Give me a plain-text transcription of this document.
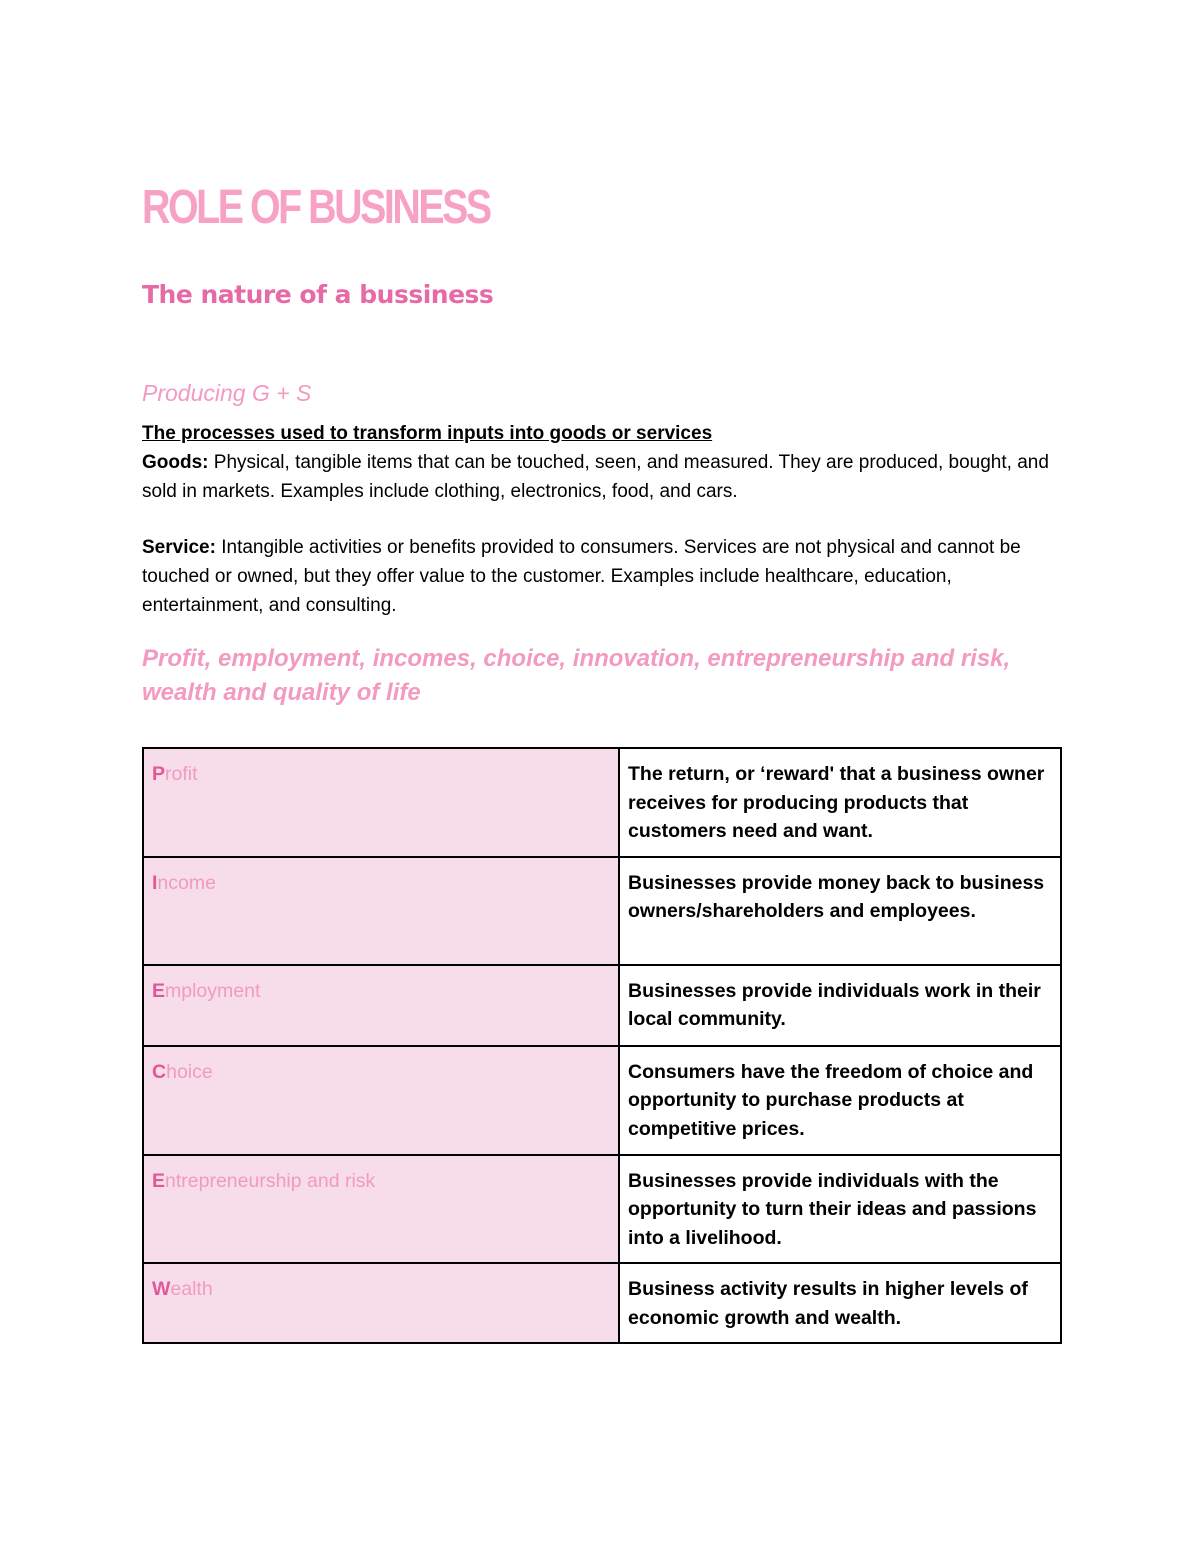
ROLE OF BUSINESS
The nature of a bussiness
Producing G + S

The processes used to transform inputs into goods or services

Goods: Physical, tangible items that can be touched, seen, and measured. They are produced, bought, and sold in markets. Examples include clothing, electronics, food, and cars.

Service: Intangible activities or benefits provided to consumers. Services are not physical and cannot be touched or owned, but they offer value to the customer. Examples include healthcare, education, entertainment, and consulting.

Profit, employment, incomes, choice, innovation, entrepreneurship and risk, wealth and quality of life
Profit	The return, or ‘reward' that a business owner receives for producing products that customers need and want.
Income	Businesses provide money back to business owners/shareholders and employees.
Employment	Businesses provide individuals work in their local community.
Choice	Consumers have the freedom of choice and opportunity to purchase products at competitive prices.
Entrepreneurship and risk	Businesses provide individuals with the opportunity to turn their ideas and passions into a livelihood.
Wealth	Business activity results in higher levels of economic growth and wealth.
